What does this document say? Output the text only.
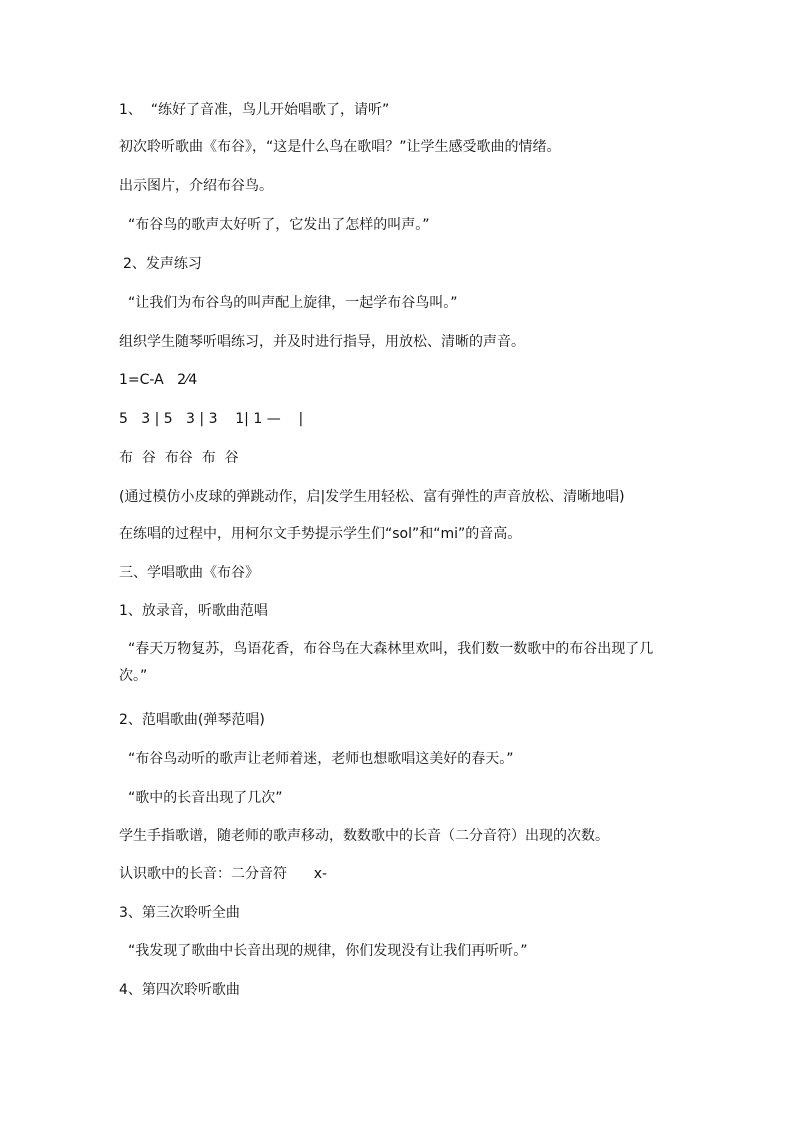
1、  “练好了音准，鸟儿开始唱歌了，请听”
初次聆听歌曲《布谷》，“这是什么鸟在歌唱？”让学生感受歌曲的情绪。
出示图片，介绍布谷鸟。
“布谷鸟的歌声太好听了，它发出了怎样的叫声。”
2、发声练习
“让我们为布谷鸟的叫声配上旋律，一起学布谷鸟叫。”
组织学生随琴听唱练习，并及时进行指导，用放松、清晰的声音。
1=C-A   2⁄4
5   3 | 5   3 | 3    1| 1 —    |
布  谷  布谷  布  谷
(通过模仿小皮球的弹跳动作，启|发学生用轻松、富有弹性的声音放松、清晰地唱)
在练唱的过程中，用柯尔文手势提示学生们“sol”和“mi”的音高。
三、学唱歌曲《布谷》
1、放录音，听歌曲范唱
“春天万物复苏，鸟语花香，布谷鸟在大森林里欢叫，我们数一数歌中的布谷出现了几次。”
2、范唱歌曲(弹琴范唱)
“布谷鸟动听的歌声让老师着迷，老师也想歌唱这美好的春天。”
“歌中的长音出现了几次”
学生手指歌谱，随老师的歌声移动，数数歌中的长音（二分音符）出现的次数。
认识歌中的长音：二分音符      x-
3、第三次聆听全曲
“我发现了歌曲中长音出现的规律，你们发现没有让我们再听听。”
4、第四次聆听歌曲
